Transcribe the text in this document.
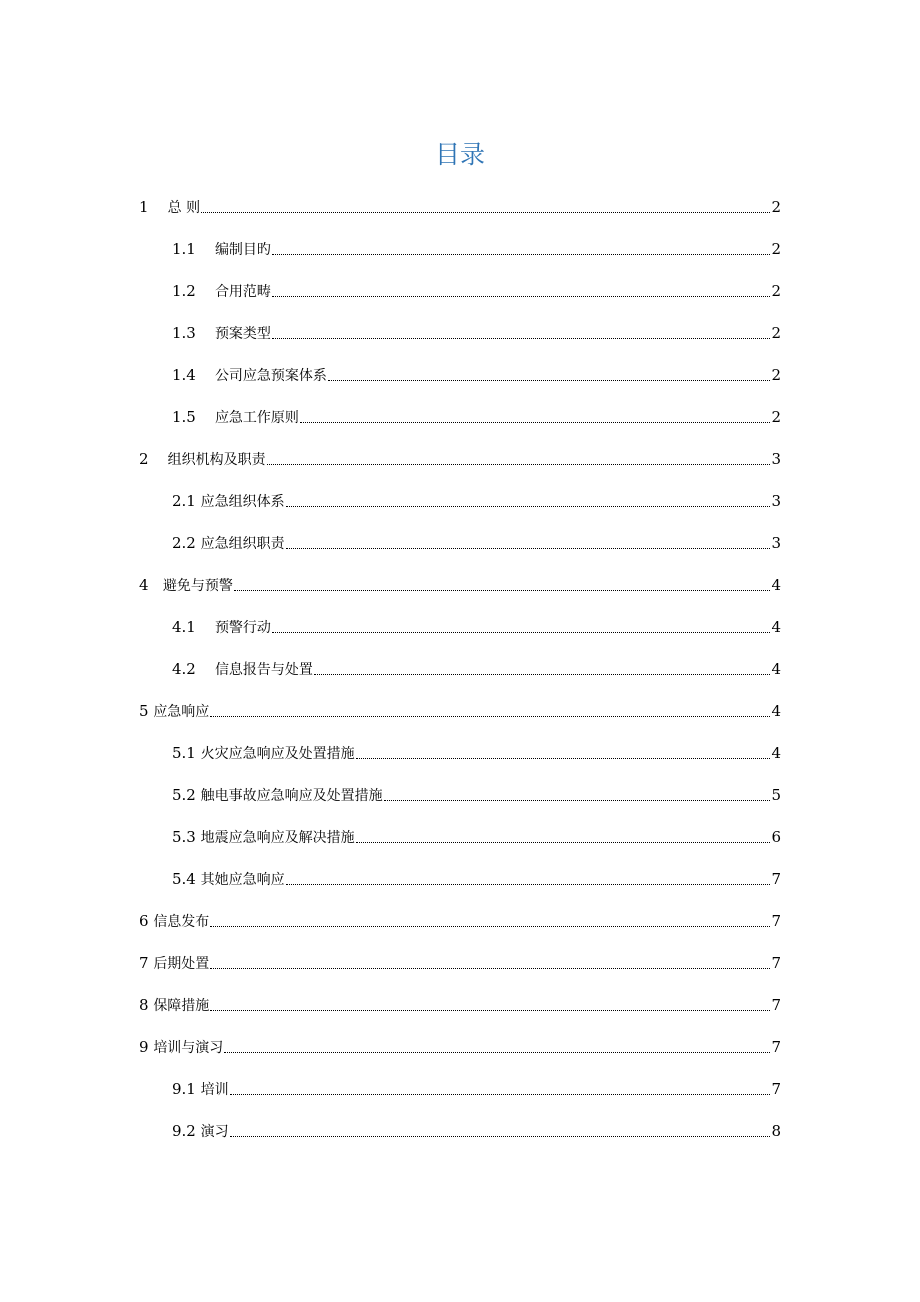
目录
1 总 则	2
1.1 编制目旳	2
1.2 合用范畴	2
1.3 预案类型	2
1.4 公司应急预案体系	2
1.5 应急工作原则	2
2 组织机构及职责	3
2.1 应急组织体系	3
2.2 应急组织职责	3
4 避免与预警	4
4.1 预警行动	4
4.2 信息报告与处置	4
5 应急响应	4
5.1 火灾应急响应及处置措施	4
5.2 触电事故应急响应及处置措施	5
5.3 地震应急响应及解决措施	6
5.4 其她应急响应	7
6 信息发布	7
7 后期处置	7
8 保障措施	7
9 培训与演习	7
9.1 培训	7
9.2 演习	8
